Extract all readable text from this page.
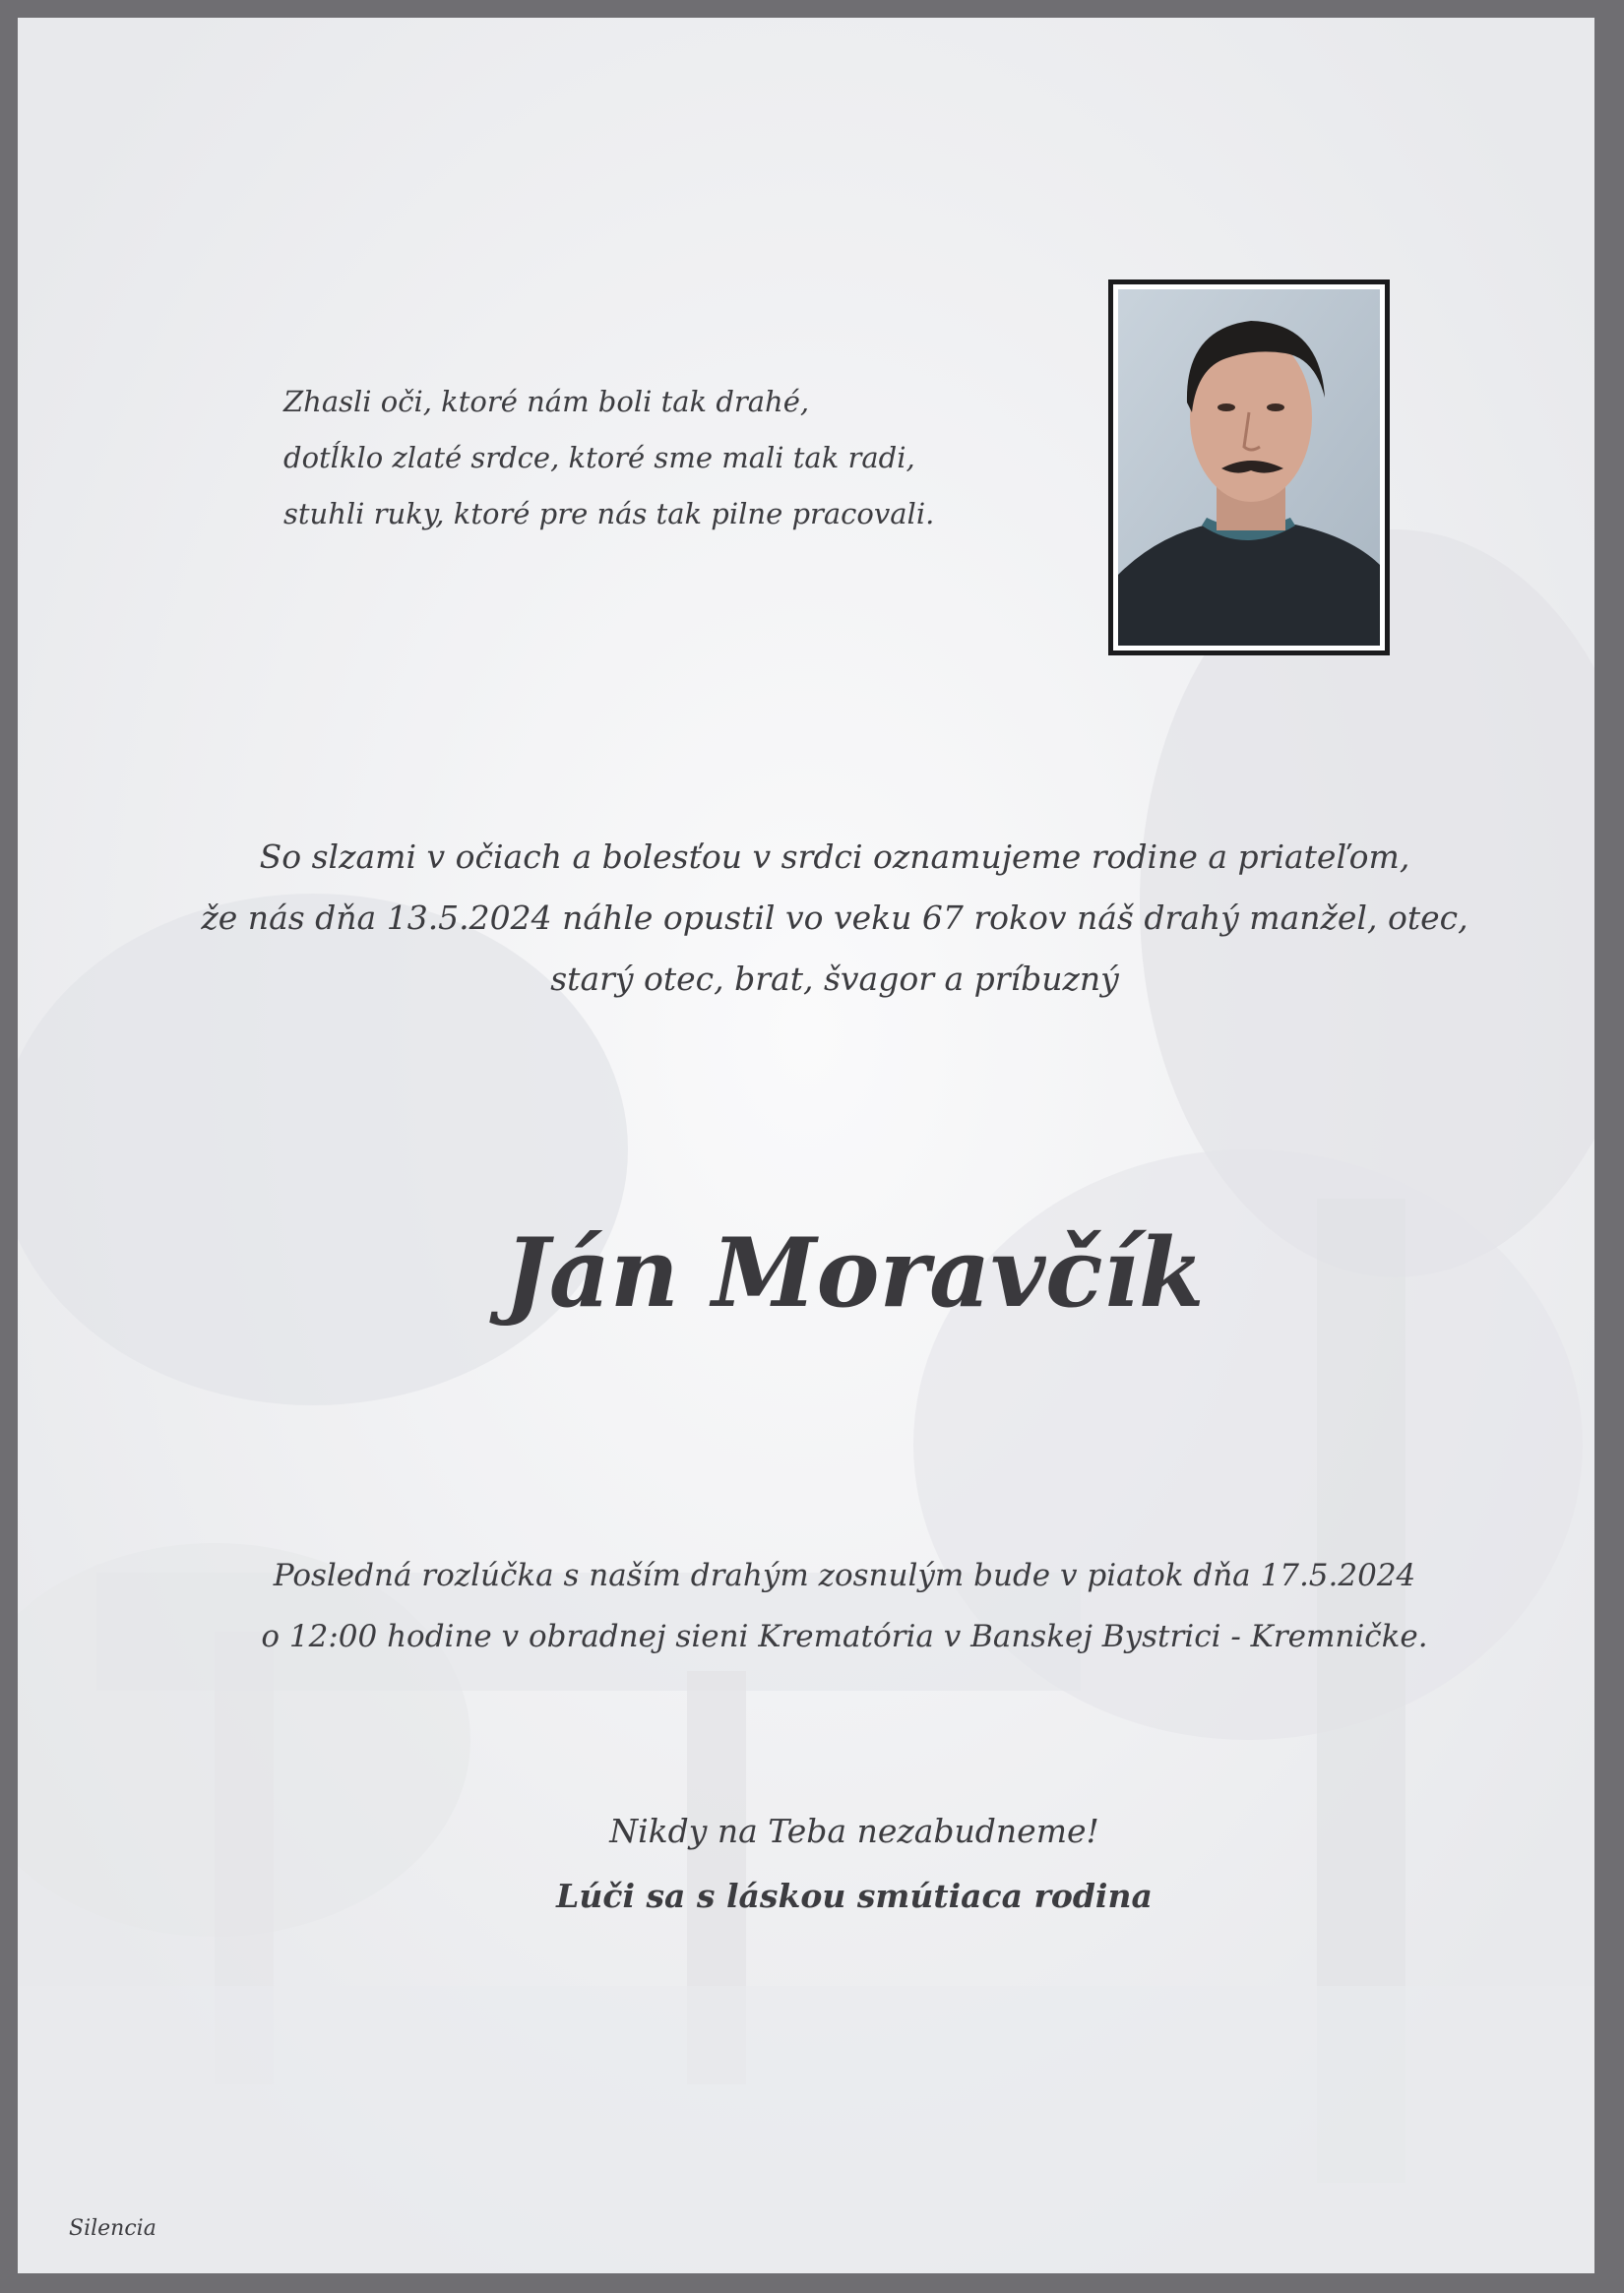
Zhasli oči, ktoré nám boli tak drahé,
dotĺklo zlaté srdce, ktoré sme mali tak radi,
stuhli ruky, ktoré pre nás tak pilne pracovali.
So slzami v očiach a bolesťou v srdci oznamujeme rodine a priateľom,
že nás dňa 13.5.2024 náhle opustil vo veku 67 rokov náš drahý manžel, otec,
starý otec, brat, švagor a príbuzný
Ján Moravčík
Posledná rozlúčka s naším drahým zosnulým bude v piatok dňa 17.5.2024
o 12:00 hodine v obradnej sieni Krematória v Banskej Bystrici - Kremničke.
Nikdy na Teba nezabudneme!
Lúči sa s láskou smútiaca rodina
Silencia
